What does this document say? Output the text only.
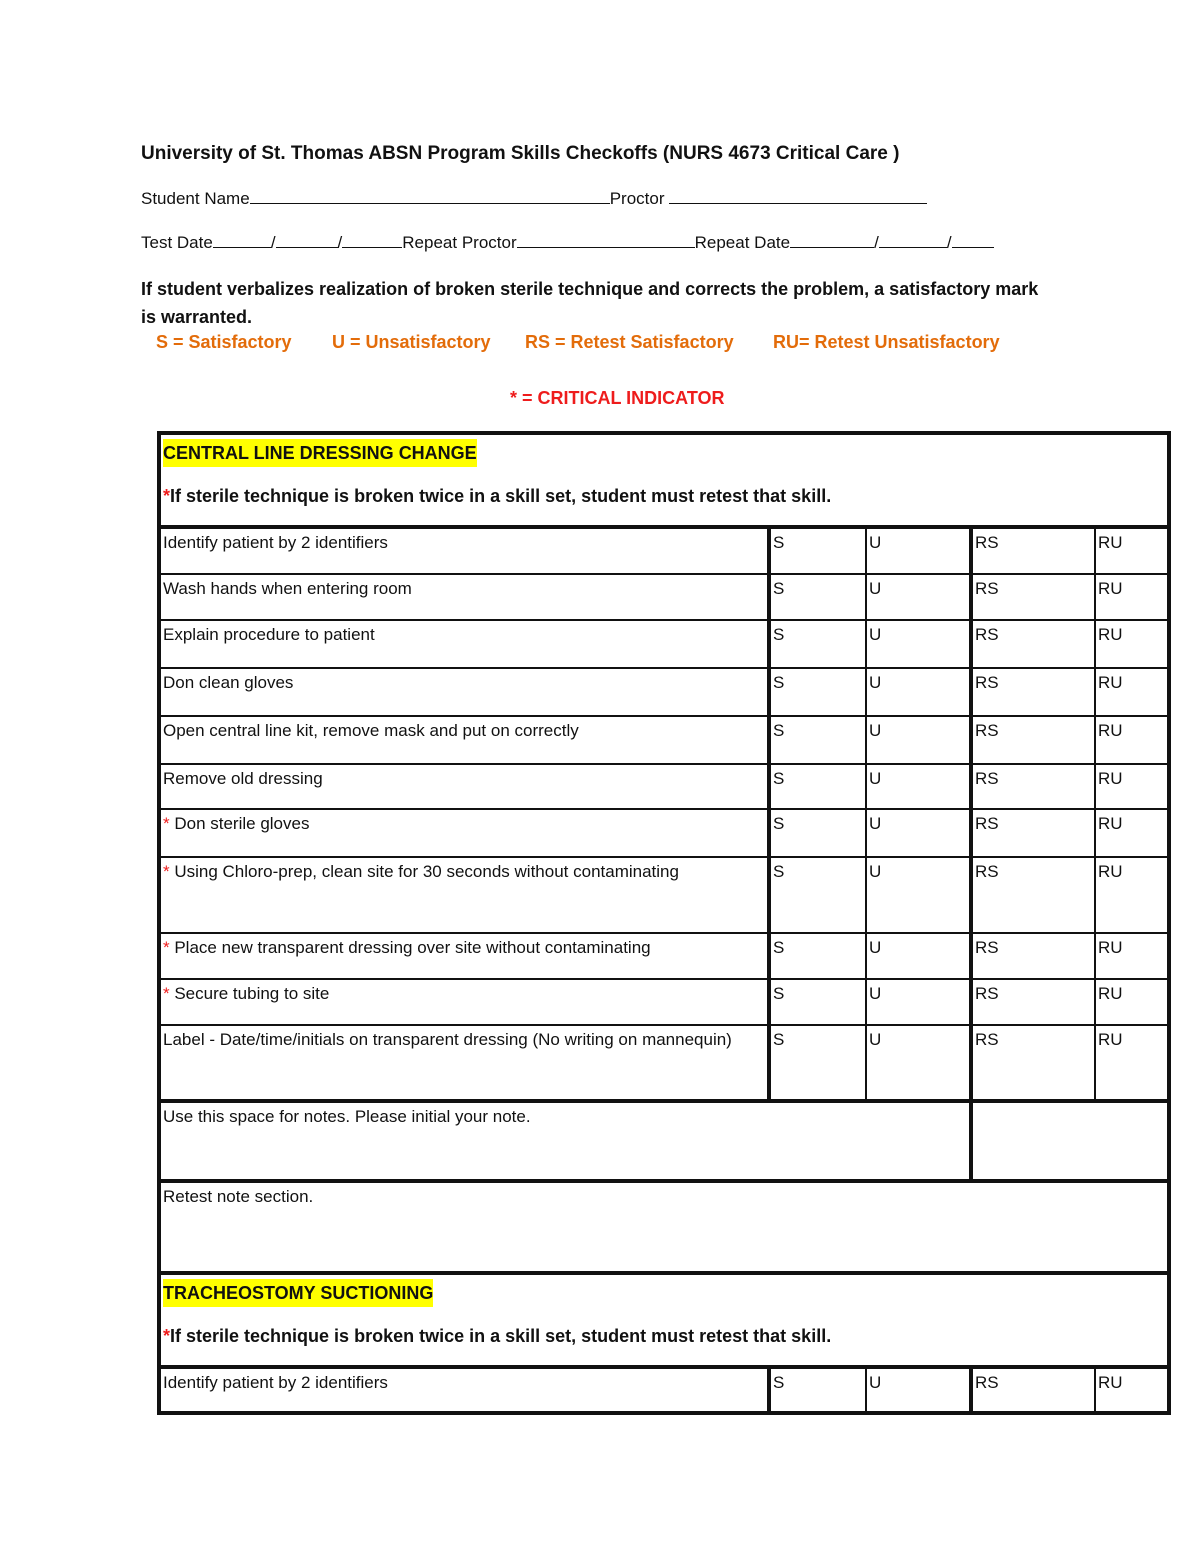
University of St. Thomas ABSN Program Skills Checkoffs (NURS 4673 Critical Care )
Student Name	Proctor
Test Date	/	/	Repeat Proctor	Repeat Date	/	/
If student verbalizes realization of broken sterile technique and corrects the problem, a satisfactory mark is warranted.
S = Satisfactory U = Unsatisfactory RS = Retest Satisfactory RU= Retest Unsatisfactory
* = CRITICAL INDICATOR
CENTRAL LINE DRESSING CHANGE
*If sterile technique is broken twice in a skill set, student must retest that skill.				

Identify patient by 2 identifiers	S	U	RS	RU
Wash hands when entering room	S	U	RS	RU
Explain procedure to patient	S	U	RS	RU
Don clean gloves	S	U	RS	RU
Open central line kit, remove mask and put on correctly	S	U	RS	RU
Remove old dressing	S	U	RS	RU
* Don sterile gloves	S	U	RS	RU
* Using Chloro-prep, clean site for 30 seconds without contaminating	S	U	RS	RU
* Place new transparent dressing over site without contaminating	S	U	RS	RU
* Secure tubing to site	S	U	RS	RU
Label - Date/time/initials on transparent dressing (No writing on mannequin)	S	U	RS	RU
Use this space for notes. Please initial your note.				
Retest note section.				
TRACHEOSTOMY SUCTIONING
*If sterile technique is broken twice in a skill set, student must retest that skill.				

Identify patient by 2 identifiers	S	U	RS	RU
